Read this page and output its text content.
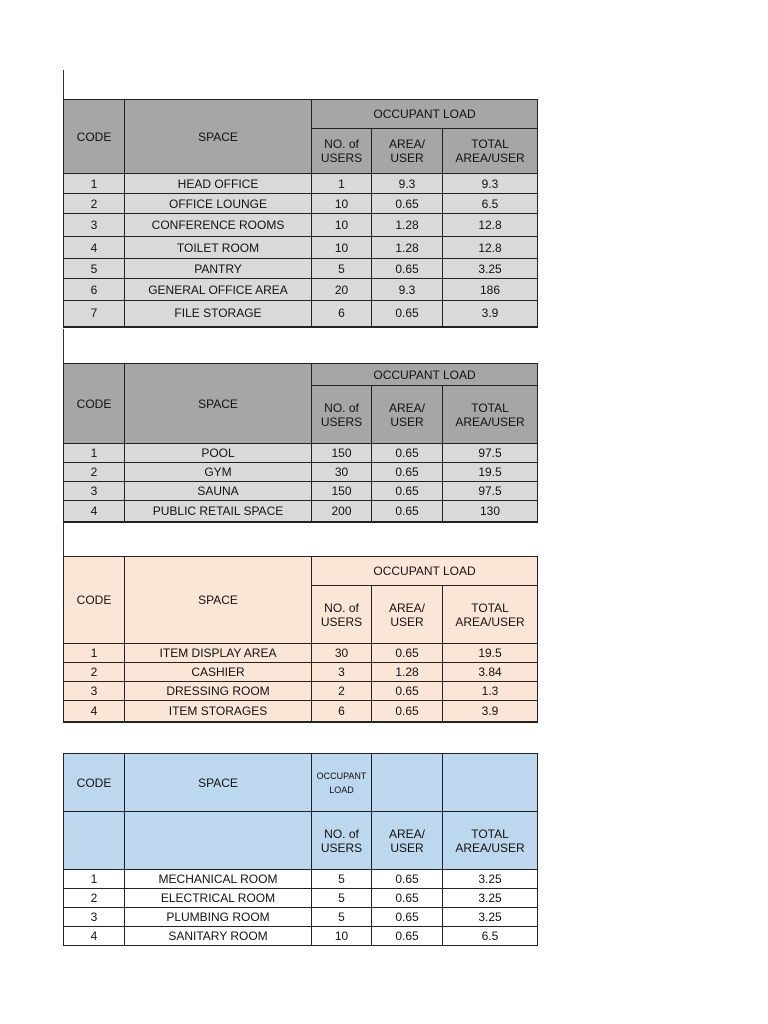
CODE	SPACE	OCCUPANT LOAD		
		NO. of USERS	AREA/ USER	TOTAL AREA/USER
1	HEAD OFFICE	1	9.3	9.3
2	OFFICE LOUNGE	10	0.65	6.5
3	CONFERENCE ROOMS	10	1.28	12.8
4	TOILET ROOM	10	1.28	12.8
5	PANTRY	5	0.65	3.25
6	GENERAL OFFICE AREA	20	9.3	186
7	FILE STORAGE	6	0.65	3.9
CODE	SPACE	OCCUPANT LOAD		
		NO. of USERS	AREA/ USER	TOTAL AREA/USER
1	POOL	150	0.65	97.5
2	GYM	30	0.65	19.5
3	SAUNA	150	0.65	97.5
4	PUBLIC RETAIL SPACE	200	0.65	130
CODE	SPACE	OCCUPANT LOAD		
		NO. of USERS	AREA/ USER	TOTAL AREA/USER
1	ITEM DISPLAY AREA	30	0.65	19.5
2	CASHIER	3	1.28	3.84
3	DRESSING ROOM	2	0.65	1.3
4	ITEM STORAGES	6	0.65	3.9
CODE	SPACE	OCCUPANT LOAD		
		NO. of USERS	AREA/ USER	TOTAL AREA/USER
1	MECHANICAL ROOM	5	0.65	3.25
2	ELECTRICAL ROOM	5	0.65	3.25
3	PLUMBING ROOM	5	0.65	3.25
4	SANITARY ROOM	10	0.65	6.5
